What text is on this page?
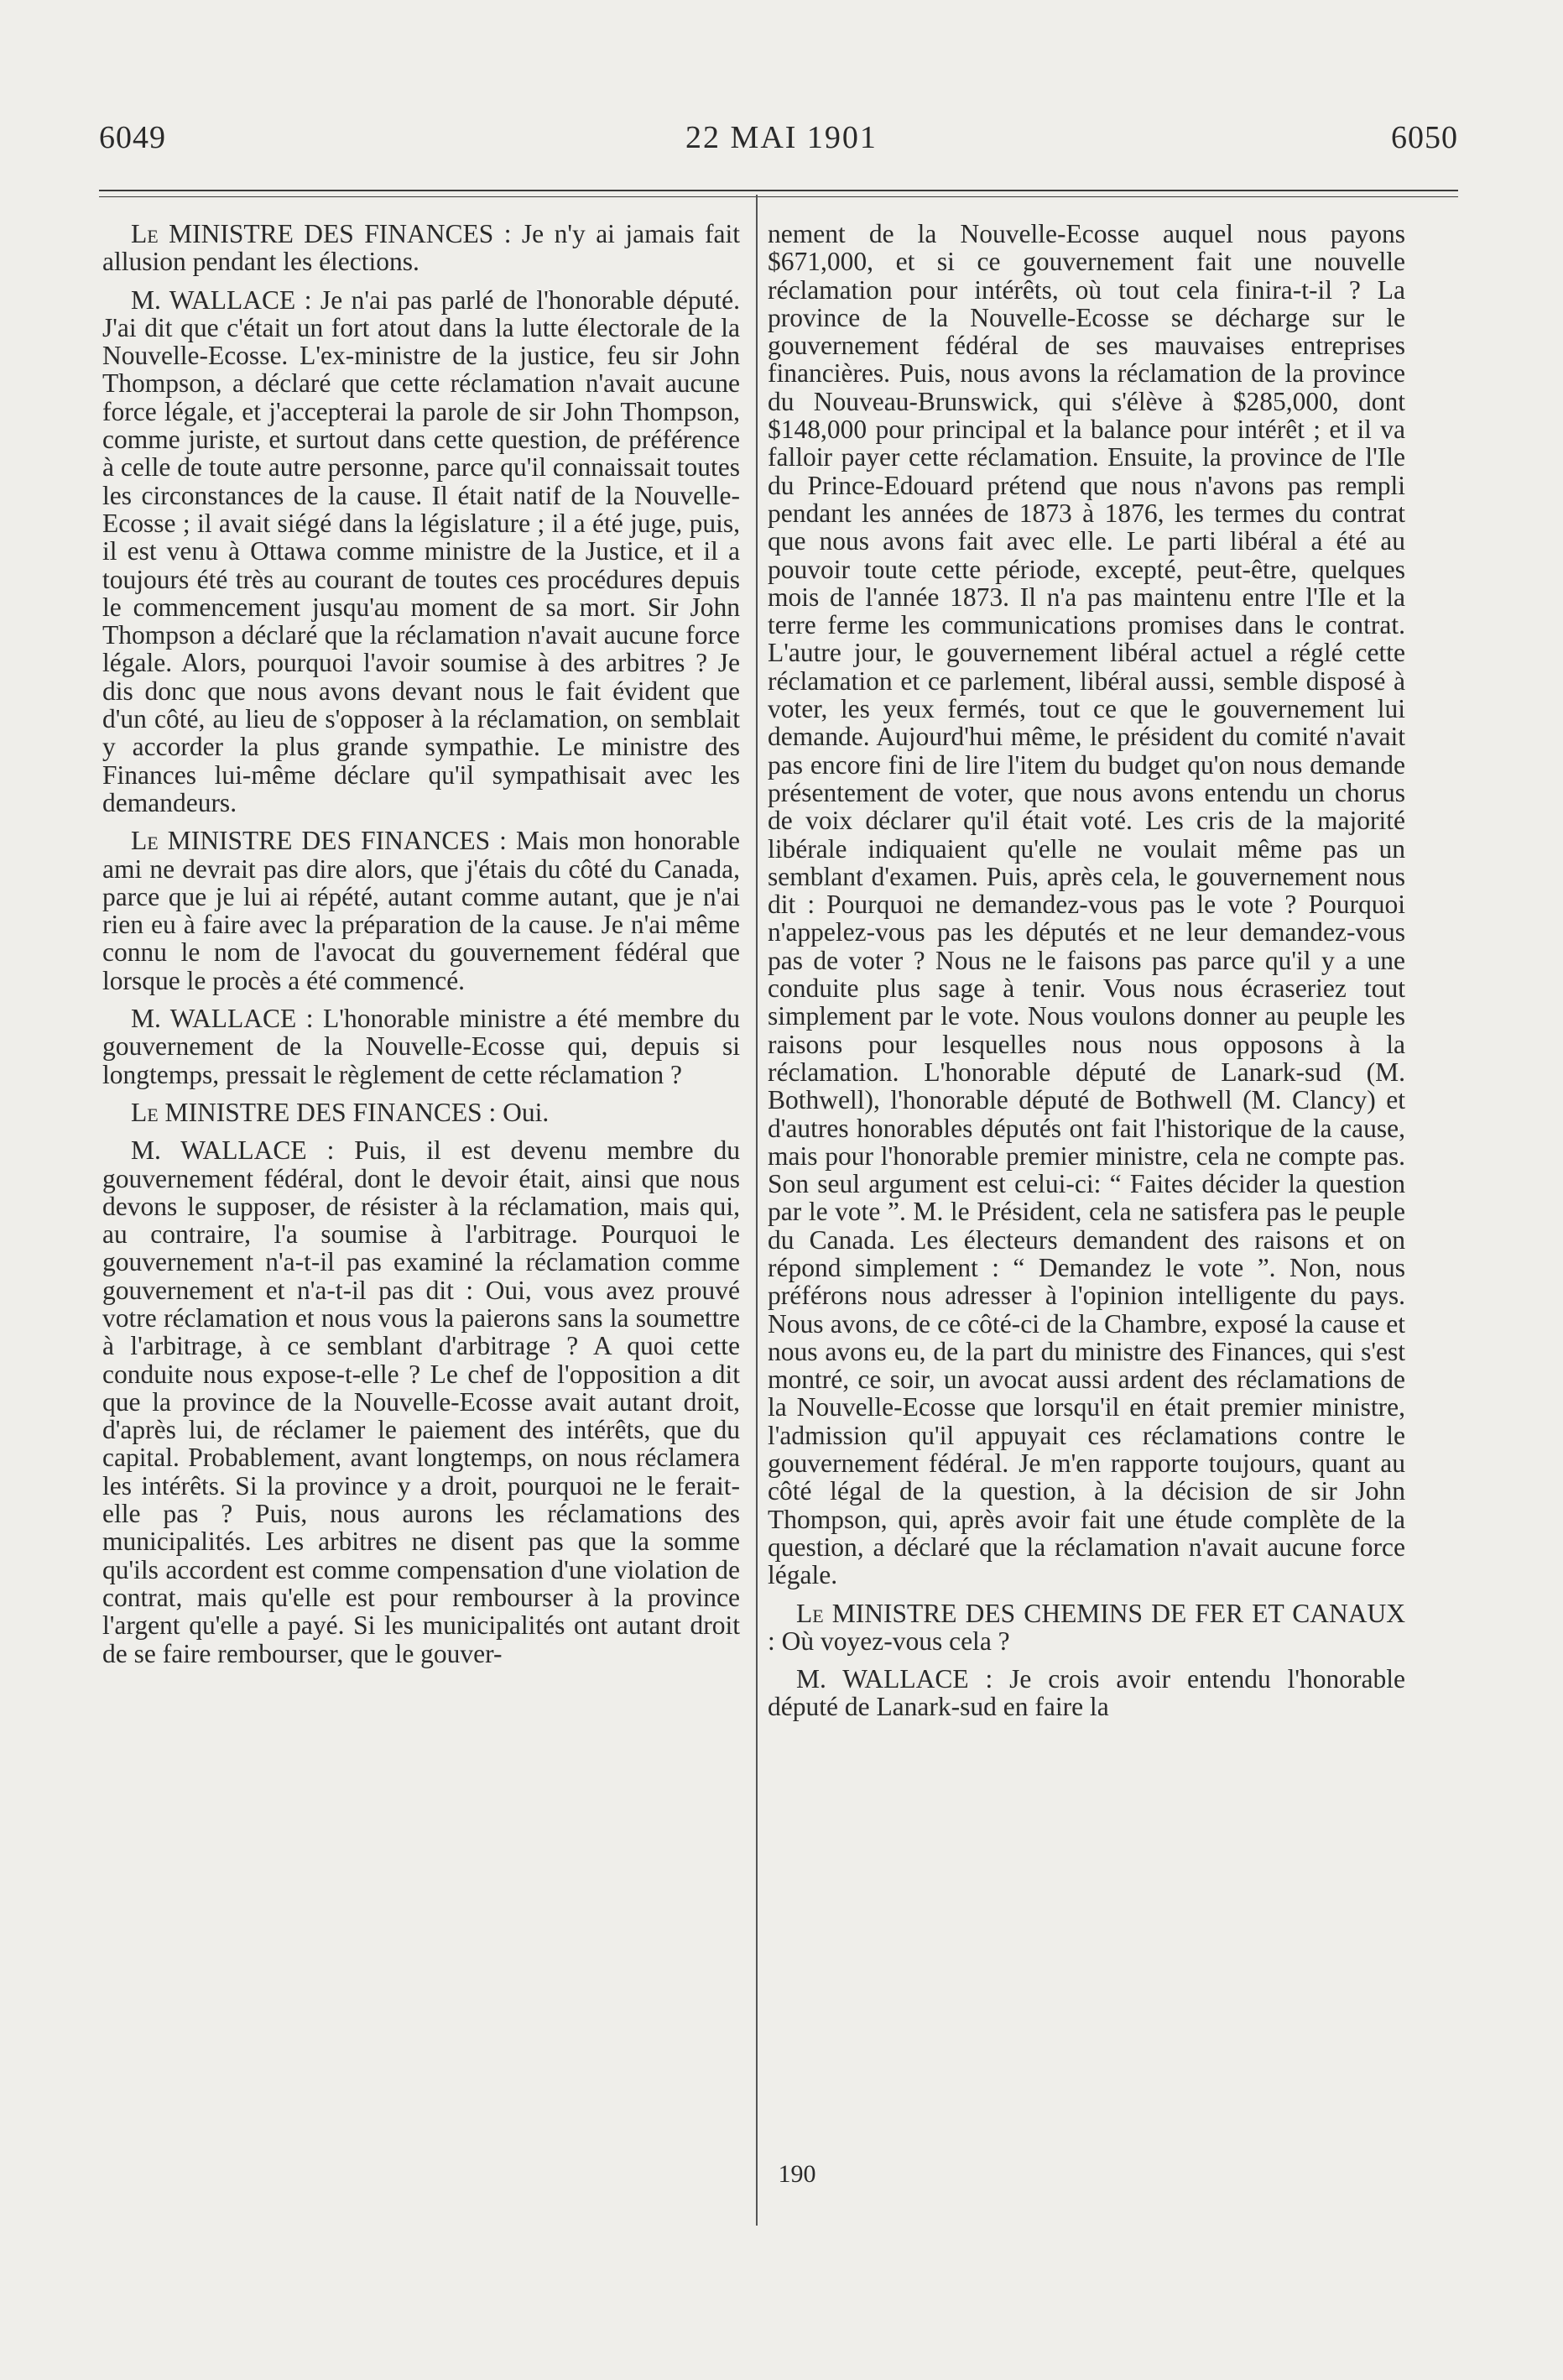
6049	22 MAI 1901	6050

Le MINISTRE DES FINANCES : Je n'y ai jamais fait allusion pendant les élections.

M. WALLACE : Je n'ai pas parlé de l'honorable député. J'ai dit que c'était un fort atout dans la lutte électorale de la Nouvelle-Ecosse. L'ex-ministre de la justice, feu sir John Thompson, a déclaré que cette réclamation n'avait aucune force légale, et j'accepterai la parole de sir John Thompson, comme juriste, et surtout dans cette question, de préférence à celle de toute autre personne, parce qu'il connaissait toutes les circonstances de la cause. Il était natif de la Nouvelle-Ecosse ; il avait siégé dans la législature ; il a été juge, puis, il est venu à Ottawa comme ministre de la Justice, et il a toujours été très au courant de toutes ces procédures depuis le commencement jusqu'au moment de sa mort. Sir John Thompson a déclaré que la réclamation n'avait aucune force légale. Alors, pourquoi l'avoir soumise à des arbitres ? Je dis donc que nous avons devant nous le fait évident que d'un côté, au lieu de s'opposer à la réclamation, on semblait y accorder la plus grande sympathie. Le ministre des Finances lui-même déclare qu'il sympathisait avec les demandeurs.

Le MINISTRE DES FINANCES : Mais mon honorable ami ne devrait pas dire alors, que j'étais du côté du Canada, parce que je lui ai répété, autant comme autant, que je n'ai rien eu à faire avec la préparation de la cause. Je n'ai même connu le nom de l'avocat du gouvernement fédéral que lorsque le procès a été commencé.

M. WALLACE : L'honorable ministre a été membre du gouvernement de la Nouvelle-Ecosse qui, depuis si longtemps, pressait le règlement de cette réclamation ?

Le MINISTRE DES FINANCES : Oui.

M. WALLACE : Puis, il est devenu membre du gouvernement fédéral, dont le devoir était, ainsi que nous devons le supposer, de résister à la réclamation, mais qui, au contraire, l'a soumise à l'arbitrage. Pourquoi le gouvernement n'a-t-il pas examiné la réclamation comme gouvernement et n'a-t-il pas dit : Oui, vous avez prouvé votre réclamation et nous vous la paierons sans la soumettre à l'arbitrage, à ce semblant d'arbitrage ? A quoi cette conduite nous expose-t-elle ? Le chef de l'opposition a dit que la province de la Nouvelle-Ecosse avait autant droit, d'après lui, de réclamer le paiement des intérêts, que du capital. Probablement, avant longtemps, on nous réclamera les intérêts. Si la province y a droit, pourquoi ne le ferait-elle pas ? Puis, nous aurons les réclamations des municipalités. Les arbitres ne disent pas que la somme qu'ils accordent est comme compensation d'une violation de contrat, mais qu'elle est pour rembourser à la province l'argent qu'elle a payé. Si les municipalités ont autant droit de se faire rembourser, que le gouver-

nement de la Nouvelle-Ecosse auquel nous payons $671,000, et si ce gouvernement fait une nouvelle réclamation pour intérêts, où tout cela finira-t-il ? La province de la Nouvelle-Ecosse se décharge sur le gouvernement fédéral de ses mauvaises entreprises financières. Puis, nous avons la réclamation de la province du Nouveau-Brunswick, qui s'élève à $285,000, dont $148,000 pour principal et la balance pour intérêt ; et il va falloir payer cette réclamation. Ensuite, la province de l'Ile du Prince-Edouard prétend que nous n'avons pas rempli pendant les années de 1873 à 1876, les termes du contrat que nous avons fait avec elle. Le parti libéral a été au pouvoir toute cette période, excepté, peut-être, quelques mois de l'année 1873. Il n'a pas maintenu entre l'Ile et la terre ferme les communications promises dans le contrat. L'autre jour, le gouvernement libéral actuel a réglé cette réclamation et ce parlement, libéral aussi, semble disposé à voter, les yeux fermés, tout ce que le gouvernement lui demande. Aujourd'hui même, le président du comité n'avait pas encore fini de lire l'item du budget qu'on nous demande présentement de voter, que nous avons entendu un chorus de voix déclarer qu'il était voté. Les cris de la majorité libérale indiquaient qu'elle ne voulait même pas un semblant d'examen. Puis, après cela, le gouvernement nous dit : Pourquoi ne demandez-vous pas le vote ? Pourquoi n'appelez-vous pas les députés et ne leur demandez-vous pas de voter ? Nous ne le faisons pas parce qu'il y a une conduite plus sage à tenir. Vous nous écraseriez tout simplement par le vote. Nous voulons donner au peuple les raisons pour lesquelles nous nous opposons à la réclamation. L'honorable député de Lanark-sud (M. Bothwell), l'honorable député de Bothwell (M. Clancy) et d'autres honorables députés ont fait l'historique de la cause, mais pour l'honorable premier ministre, cela ne compte pas. Son seul argument est celui-ci: “ Faites décider la question par le vote ”. M. le Président, cela ne satisfera pas le peuple du Canada. Les électeurs demandent des raisons et on répond simplement : “ Demandez le vote ”. Non, nous préférons nous adresser à l'opinion intelligente du pays. Nous avons, de ce côté-ci de la Chambre, exposé la cause et nous avons eu, de la part du ministre des Finances, qui s'est montré, ce soir, un avocat aussi ardent des réclamations de la Nouvelle-Ecosse que lorsqu'il en était premier ministre, l'admission qu'il appuyait ces réclamations contre le gouvernement fédéral. Je m'en rapporte toujours, quant au côté légal de la question, à la décision de sir John Thompson, qui, après avoir fait une étude complète de la question, a déclaré que la réclamation n'avait aucune force légale.

Le MINISTRE DES CHEMINS DE FER ET CANAUX : Où voyez-vous cela ?

M. WALLACE : Je crois avoir entendu l'honorable député de Lanark-sud en faire la

190
